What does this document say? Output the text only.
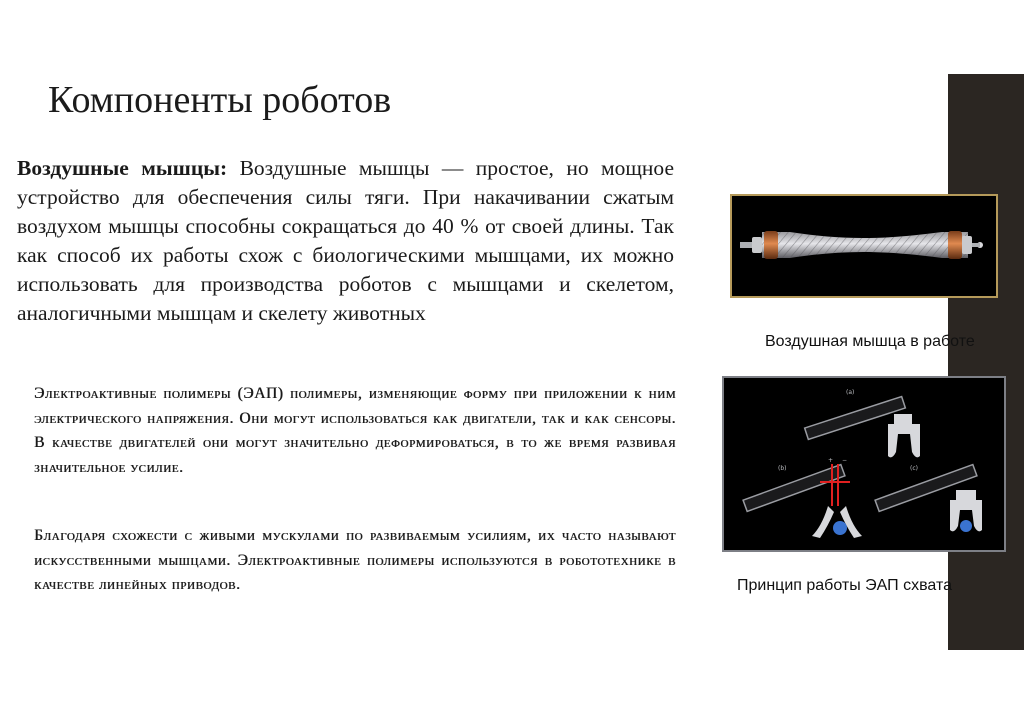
Компоненты роботов

Воздушные мышцы: Воздушные мышцы — простое, но мощное устройство для обеспечения силы тяги. При накачивании сжатым воздухом мышцы способны сокращаться до 40 % от своей длины. Так как способ их работы схож с биологическими мышцами, их можно использовать для производства роботов с мышцами и скелетом, аналогичными мышцам и скелету животных

Электроактивные полимеры (ЭАП) полимеры, изменяющие форму при приложении к ним электрического напряжения. Они могут использоваться как двигатели, так и как сенсоры. В качестве двигателей они могут значительно деформироваться, в то же время развивая значительное усилие.

Благодаря схожести с живыми мускулами по развиваемым усилиям, их часто называют искусственными мышцами. Электроактивные полимеры используются в робототехнике в качестве линейных приводов.

(a)
(b)	(c)
+ −

Воздушная мышца в работе

Принцип работы ЭАП схвата
